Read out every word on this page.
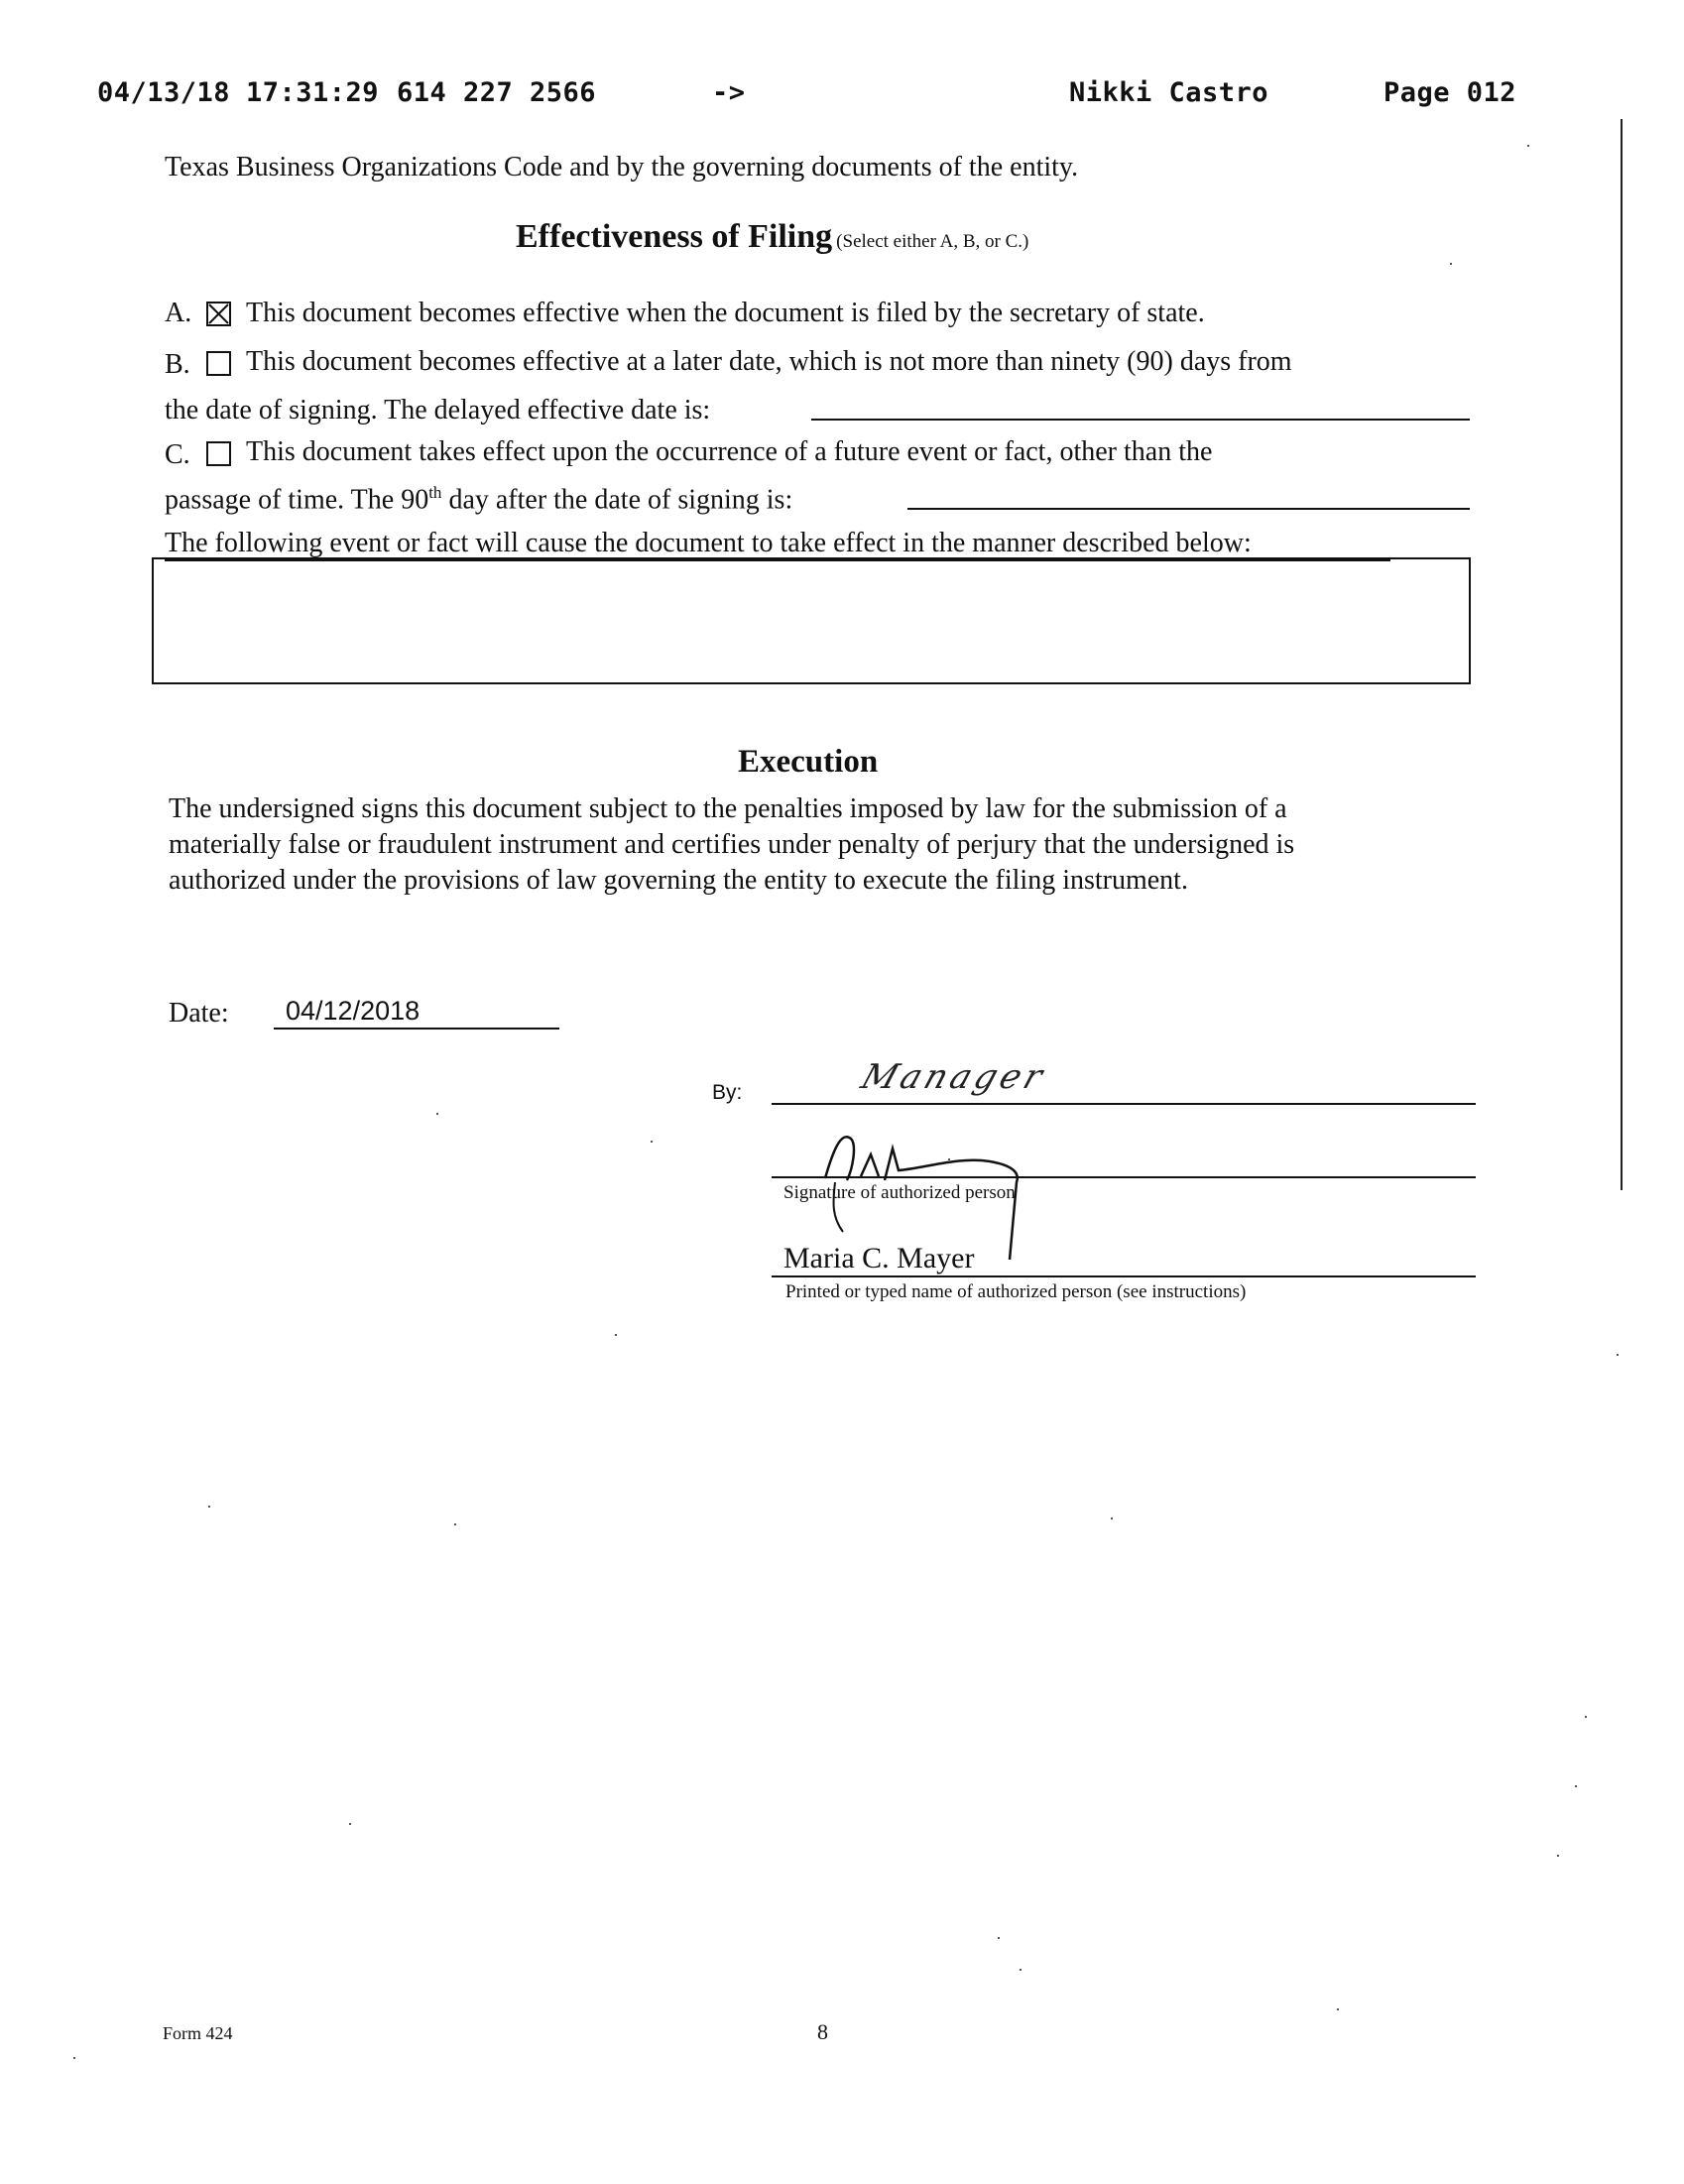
04/13/18 17:31:29 614 227 2566	->	Nikki Castro	Page 012
Texas Business Organizations Code and by the governing documents of the entity.
Effectiveness of Filing (Select either A, B, or C.)
A. This document becomes effective when the document is filed by the secretary of state.
B. This document becomes effective at a later date, which is not more than ninety (90) days from
the date of signing. The delayed effective date is:
C. This document takes effect upon the occurrence of a future event or fact, other than the
passage of time. The 90th day after the date of signing is:
The following event or fact will cause the document to take effect in the manner described below:
Execution
The undersigned signs this document subject to the penalties imposed by law for the submission of a
materially false or fraudulent instrument and certifies under penalty of perjury that the undersigned is
authorized under the provisions of law governing the entity to execute the filing instrument.
Date: 04/12/2018
By:	Manager
Signature of authorized person
Maria C. Mayer
Printed or typed name of authorized person (see instructions)
Form 424	8
